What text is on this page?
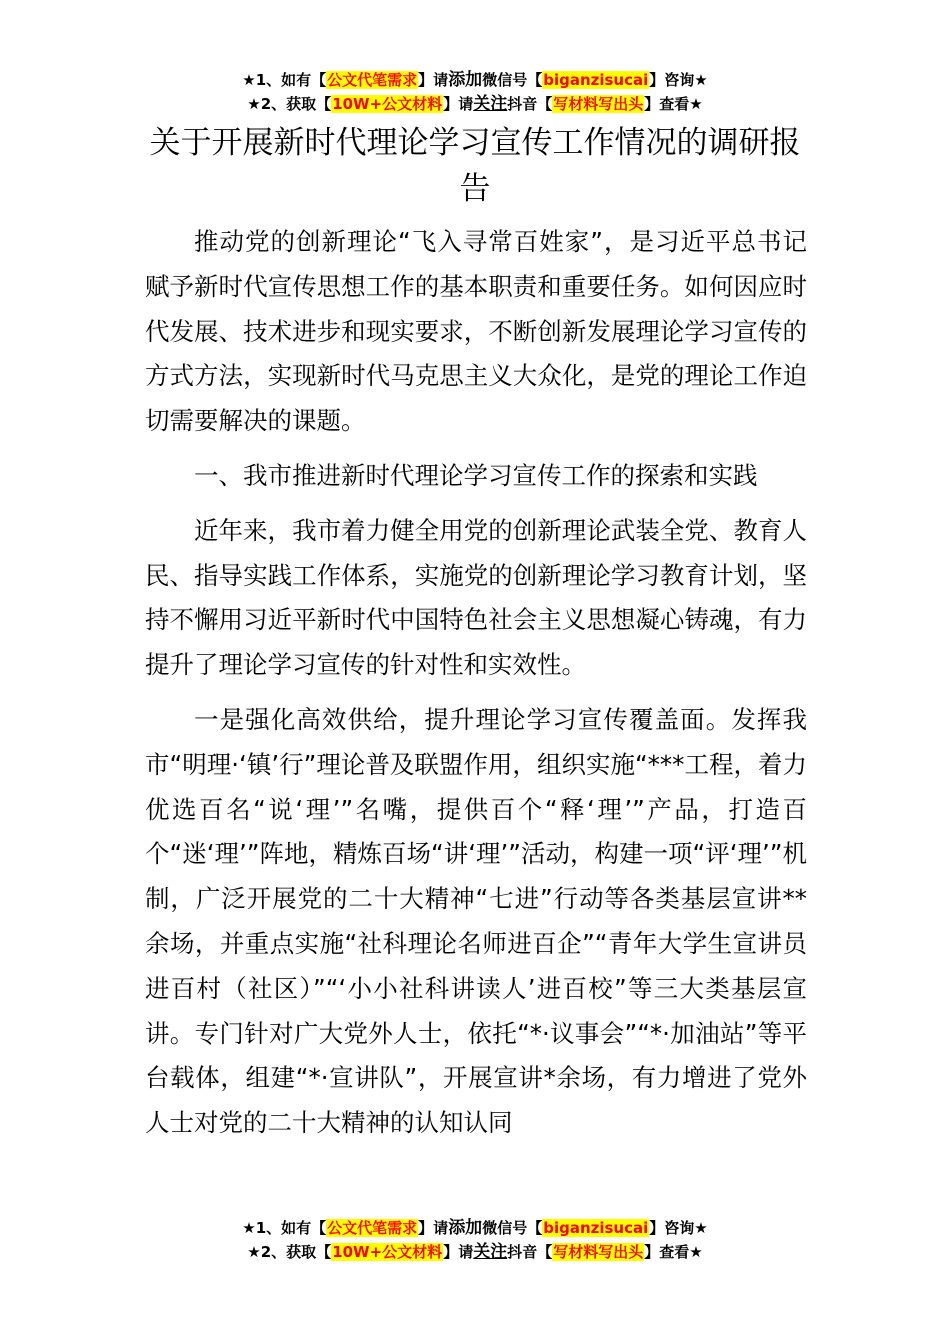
★1、如有【公文代笔需求】请添加微信号【biganzisucai】咨询★
★2、获取【10W+公文材料】请关注抖音【写材料写出头】查看★
关于开展新时代理论学习宣传工作情况的调研报告

推动党的创新理论“飞入寻常百姓家”，是习近平总书记赋予新时代宣传思想工作的基本职责和重要任务。如何因应时代发展、技术进步和现实要求，不断创新发展理论学习宣传的方式方法，实现新时代马克思主义大众化，是党的理论工作迫切需要解决的课题。

一、我市推进新时代理论学习宣传工作的探索和实践

近年来，我市着力健全用党的创新理论武装全党、教育人民、指导实践工作体系，实施党的创新理论学习教育计划，坚持不懈用习近平新时代中国特色社会主义思想凝心铸魂，有力提升了理论学习宣传的针对性和实效性。

一是强化高效供给，提升理论学习宣传覆盖面。发挥我市“明理·‘镇’行”理论普及联盟作用，组织实施“***工程，着力优选百名“说‘理’”名嘴，提供百个“释‘理’”产品，打造百个“迷‘理’”阵地，精炼百场“讲‘理’”活动，构建一项“评‘理’”机制，广泛开展党的二十大精神“七进”行动等各类基层宣讲**余场，并重点实施“社科理论名师进百企”“青年大学生宣讲员进百村（社区）”“‘小小社科讲读人’进百校”等三大类基层宣讲。专门针对广大党外人士，依托“*·议事会”“*·加油站”等平台载体，组建“*·宣讲队”，开展宣讲*余场，有力增进了党外人士对党的二十大精神的认知认同

★1、如有【公文代笔需求】请添加微信号【biganzisucai】咨询★
★2、获取【10W+公文材料】请关注抖音【写材料写出头】查看★
